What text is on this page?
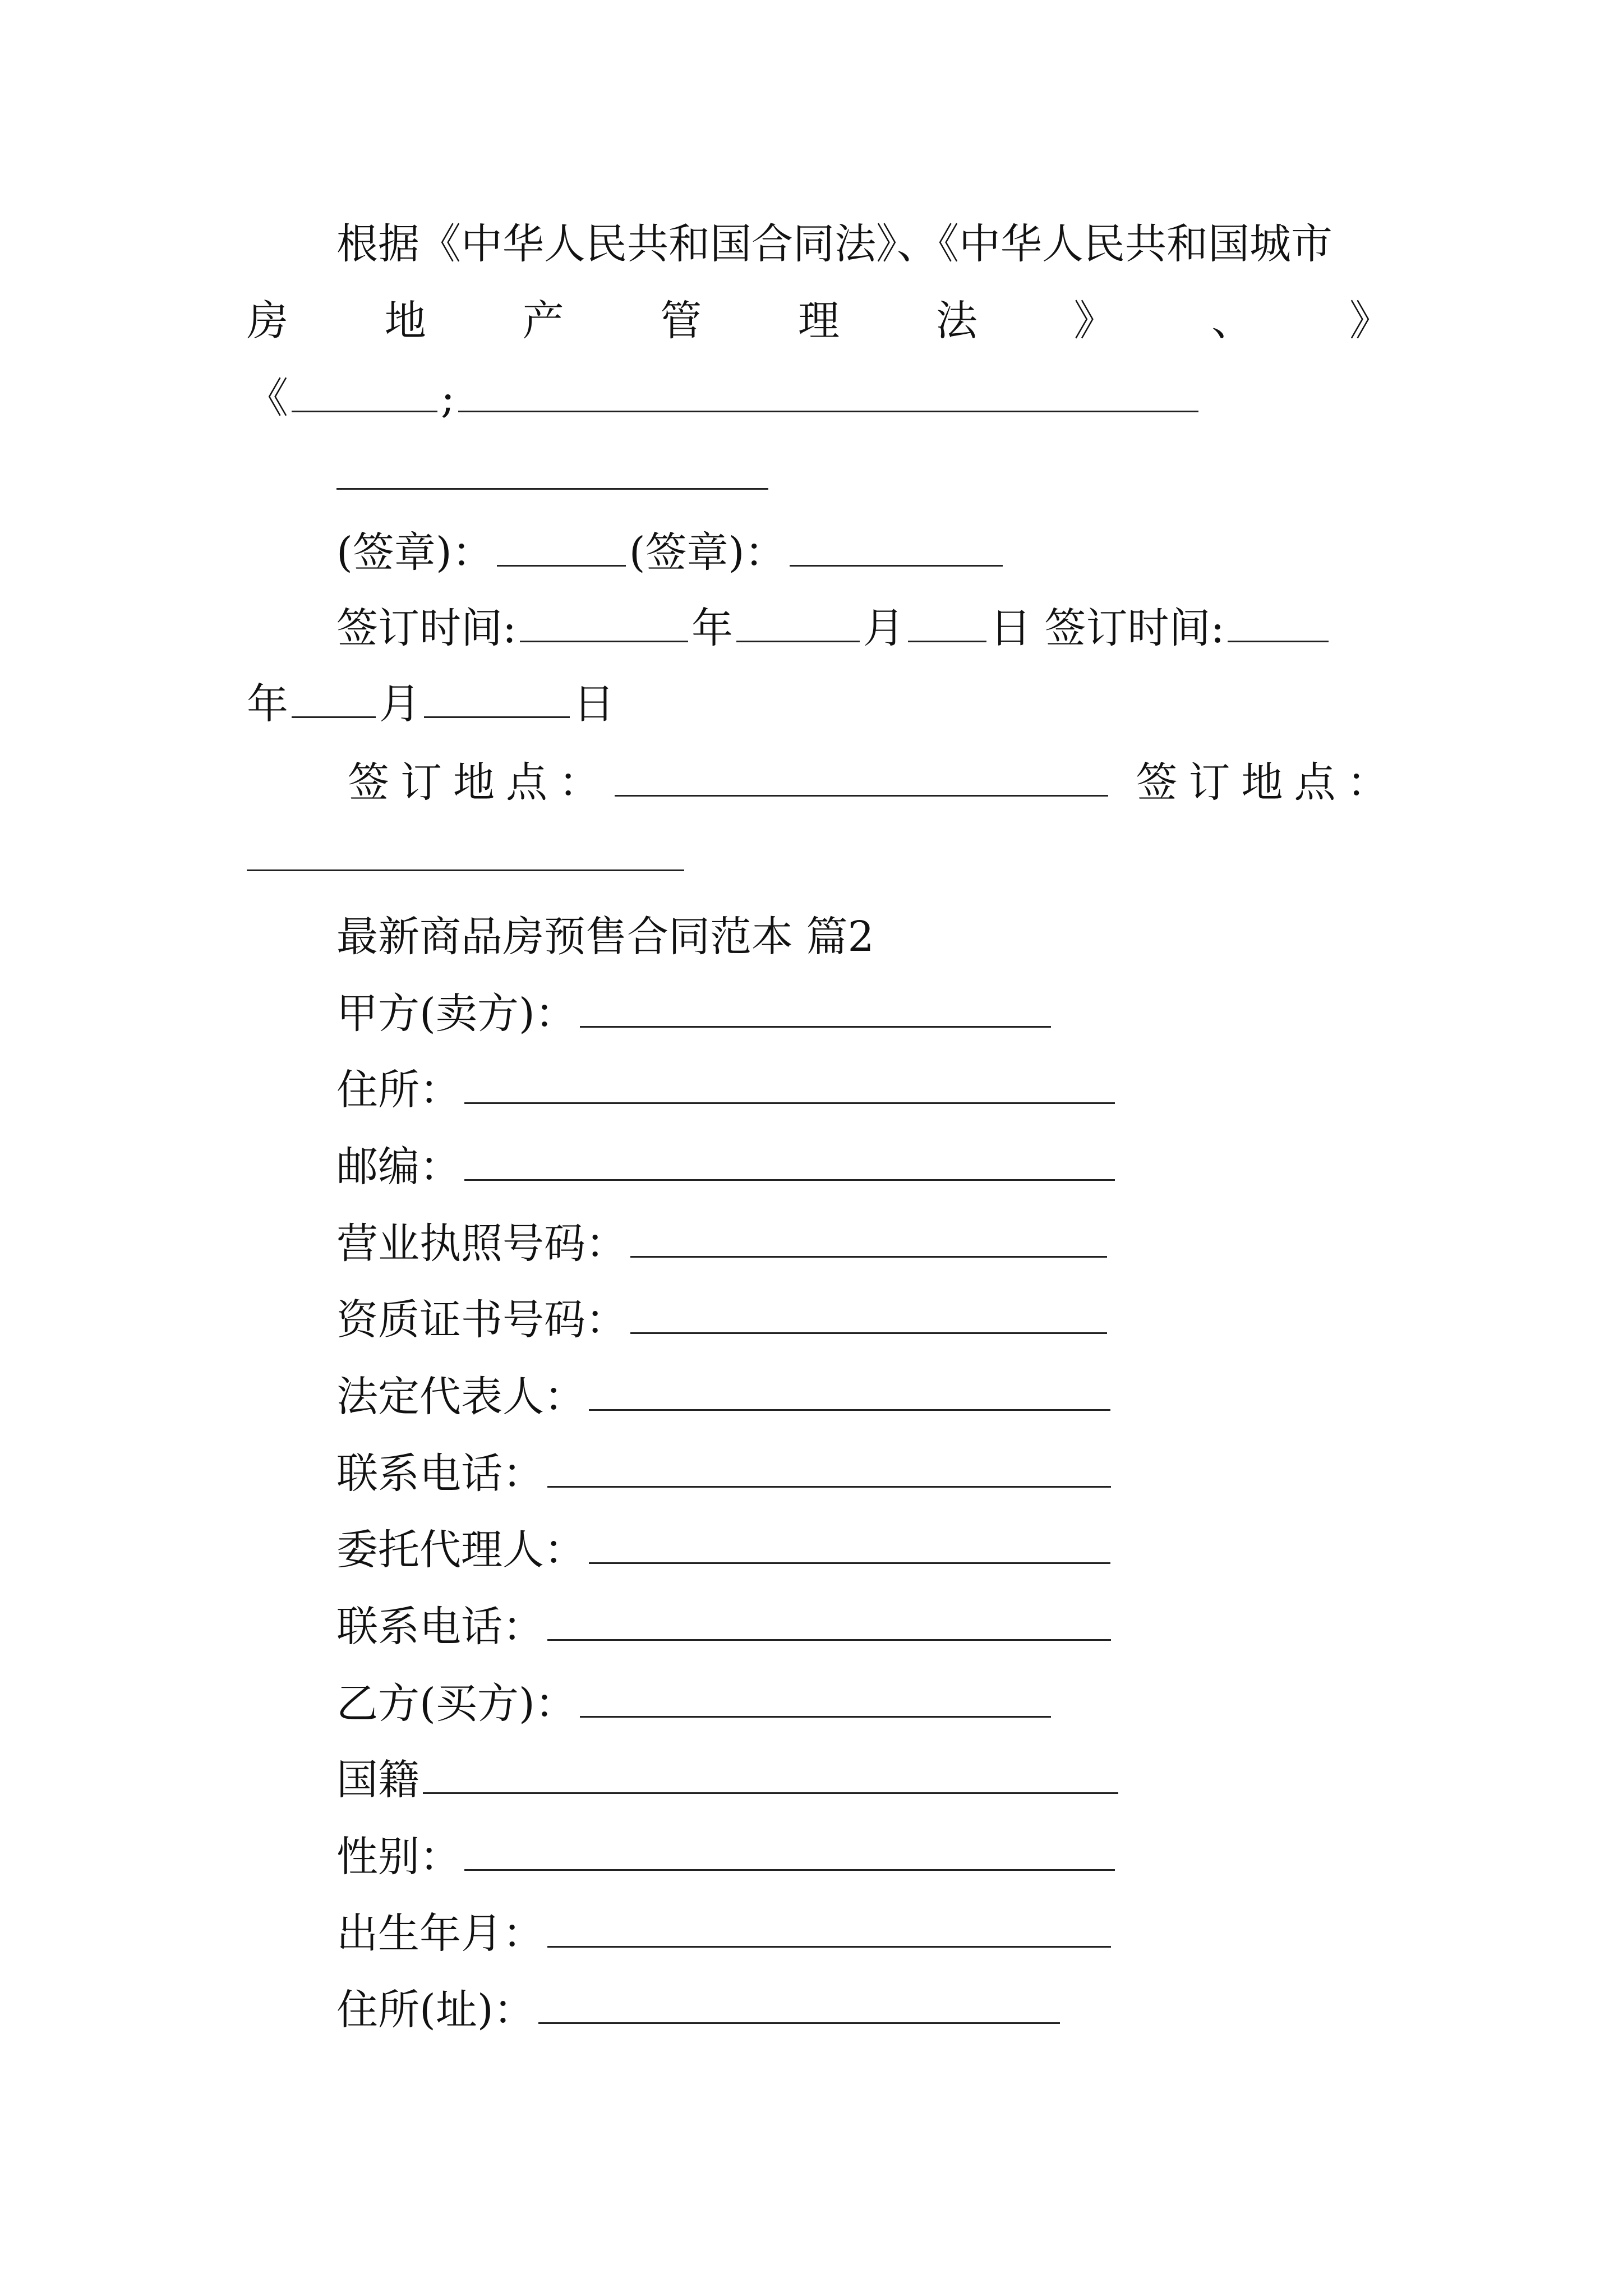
根据《中华人民共和国合同法》、《中华人民共和国城市
房 地 产 管 理 法 》 、 》
《	;
(签章)：	(签章)：
签订时间:	年	月 日 签订时间:
年 月	日
签订地点：	签订地点：
最新商品房预售合同范本 篇2
甲方(卖方)：
住所：
邮编：
营业执照号码：
资质证书号码：
法定代表人：
联系电话：
委托代理人：
联系电话：
乙方(买方)：
国籍
性别：
出生年月：
住所(址)：
